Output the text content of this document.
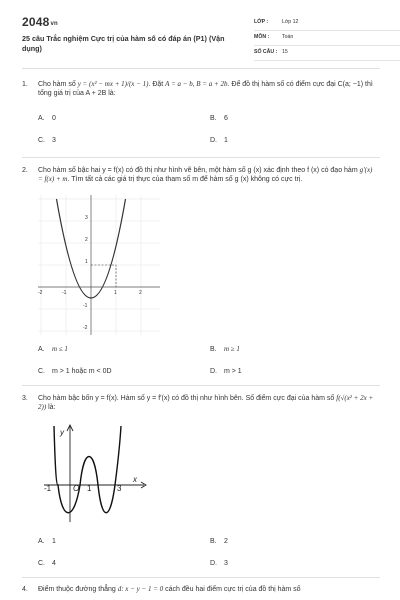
2048vn
25 câu Trắc nghiệm Cực trị của hàm số có đáp án (P1) (Vận dụng)
LỚP :	Lớp 12
MÔN :	Toán
SỐ CÂU : 15
1. Cho hàm số y = (x² − mx + 1)/(x − 1). Đặt A = a − b, B = a + 2b. Để đồ thị hàm số có điểm cực đại C(a; −1) thì tổng giá trị của A + 2B là:
A. 0	B. 6
C. 3	D. 1
2. Cho hàm số bậc hai y = f(x) có đồ thị như hình vẽ bên, một hàm số g (x) xác định theo f (x) có đạo hàm g'(x) = f(x) + m. Tìm tất cả các giá trị thực của tham số m để hàm số g (x) không có cực trị.
-2	-1	1	2
3
2
1
-1
-2
A. m ≤ 1	B. m ≥ 1
C. m > 1 hoặc m < 0D	D. m > 1
3. Cho hàm bậc bốn y = f(x). Hàm số y = f'(x) có đồ thị như hình bên. Số điểm cực đại của hàm số f(√(x² + 2x + 2)) là:
y
x
-1	O 1	3
A. 1	B. 2
C. 4	D. 3
4. Điểm thuộc đường thẳng d: x − y − 1 = 0 cách đều hai điểm cực trị của đồ thị hàm số
